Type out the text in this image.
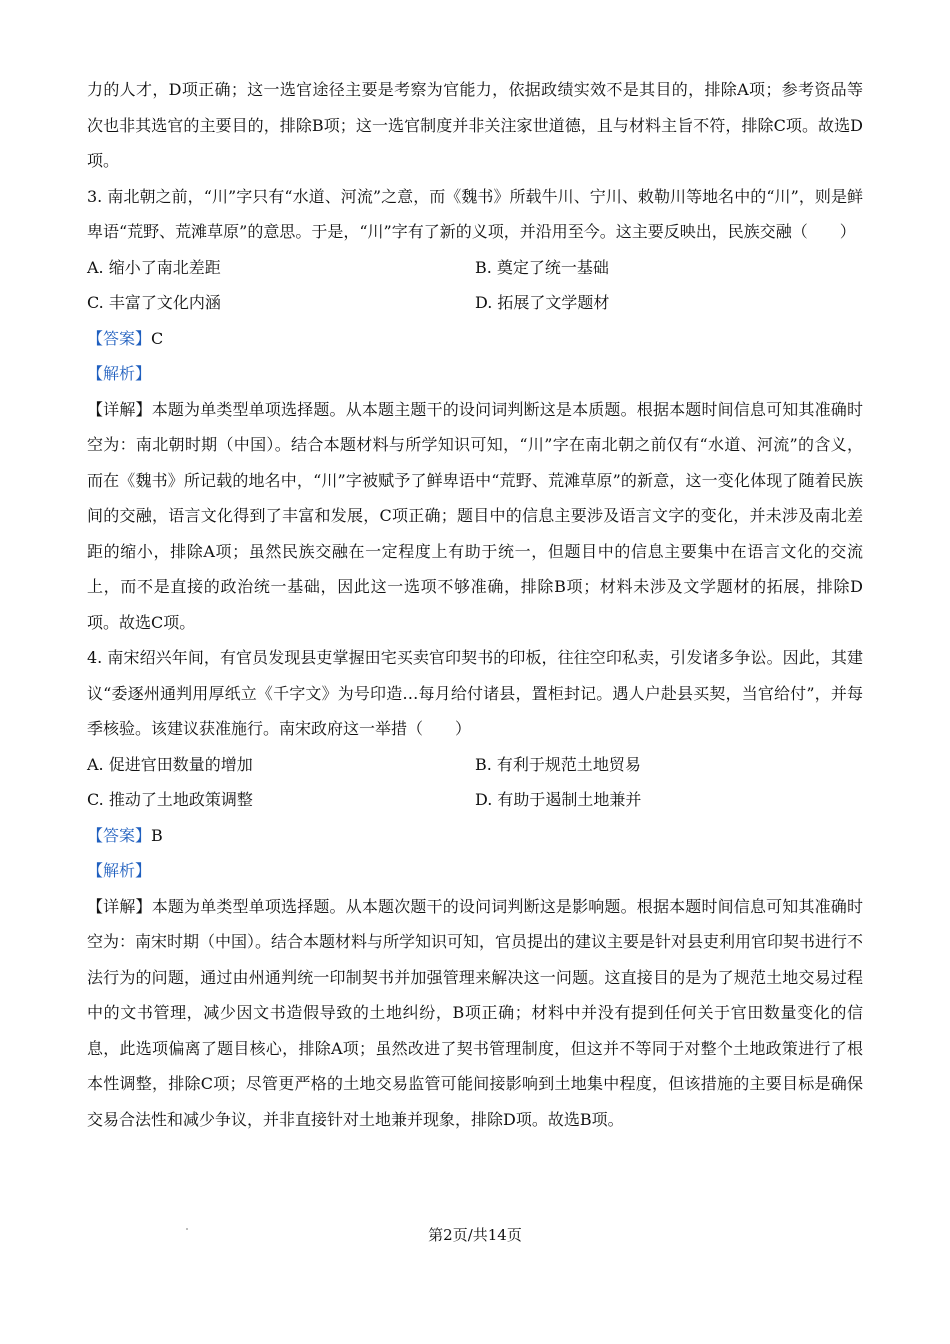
力的人才，D项正确；这一选官途径主要是考察为官能力，依据政绩实效不是其目的，排除A项；参考资品等次也非其选官的主要目的，排除B项；这一选官制度并非关注家世道德，且与材料主旨不符，排除C项。故选D项。

3. 南北朝之前，“川”字只有“水道、河流”之意，而《魏书》所载牛川、宁川、敕勒川等地名中的“川”，则是鲜卑语“荒野、荒滩草原”的意思。于是，“川”字有了新的义项，并沿用至今。这主要反映出，民族交融（　　）

A. 缩小了南北差距	B. 奠定了统一基础
C. 丰富了文化内涵	D. 拓展了文学题材

【答案】C

【解析】

【详解】本题为单类型单项选择题。从本题主题干的设问词判断这是本质题。根据本题时间信息可知其准确时空为：南北朝时期（中国）。结合本题材料与所学知识可知，“川”字在南北朝之前仅有“水道、河流”的含义，而在《魏书》所记载的地名中，“川”字被赋予了鲜卑语中“荒野、荒滩草原”的新意，这一变化体现了随着民族间的交融，语言文化得到了丰富和发展，C项正确；题目中的信息主要涉及语言文字的变化，并未涉及南北差距的缩小，排除A项；虽然民族交融在一定程度上有助于统一，但题目中的信息主要集中在语言文化的交流上，而不是直接的政治统一基础，因此这一选项不够准确，排除B项；材料未涉及文学题材的拓展，排除D项。故选C项。

4. 南宋绍兴年间，有官员发现县吏掌握田宅买卖官印契书的印板，往往空印私卖，引发诸多争讼。因此，其建议“委逐州通判用厚纸立《千字文》为号印造…每月给付诸县，置柜封记。遇人户赴县买契，当官给付”，并每季核验。该建议获准施行。南宋政府这一举措（　　）

A. 促进官田数量的增加	B. 有利于规范土地贸易
C. 推动了土地政策调整	D. 有助于遏制土地兼并

【答案】B

【解析】

【详解】本题为单类型单项选择题。从本题次题干的设问词判断这是影响题。根据本题时间信息可知其准确时空为：南宋时期（中国）。结合本题材料与所学知识可知，官员提出的建议主要是针对县吏利用官印契书进行不法行为的问题，通过由州通判统一印制契书并加强管理来解决这一问题。这直接目的是为了规范土地交易过程中的文书管理，减少因文书造假导致的土地纠纷，B项正确；材料中并没有提到任何关于官田数量变化的信息，此选项偏离了题目核心，排除A项；虽然改进了契书管理制度，但这并不等同于对整个土地政策进行了根本性调整，排除C项；尽管更严格的土地交易监管可能间接影响到土地集中程度，但该措施的主要目标是确保交易合法性和减少争议，并非直接针对土地兼并现象，排除D项。故选B项。

第2页/共14页
